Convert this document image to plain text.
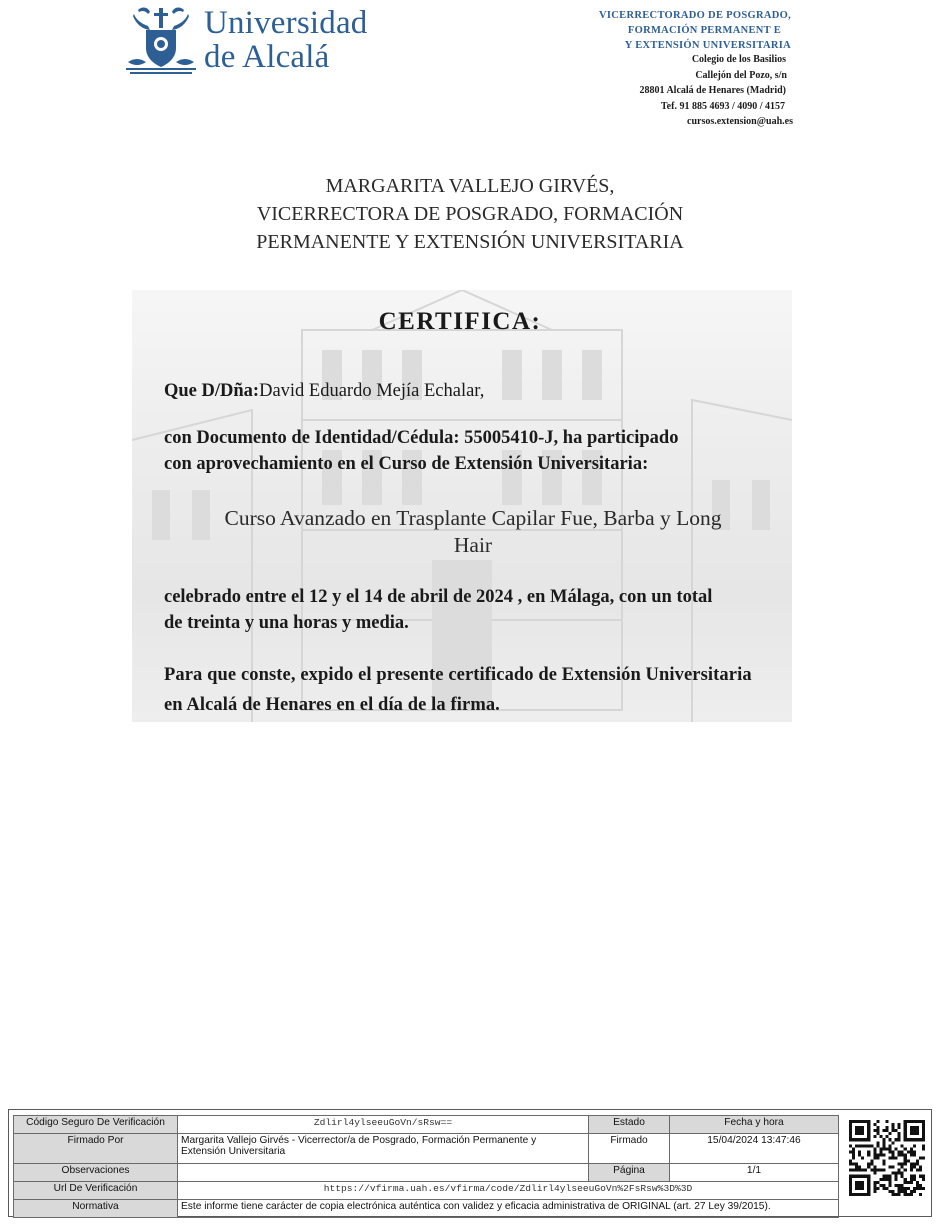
Universidad
de Alcalá
VICERRECTORADO DE POSGRADO,
FORMACIÓN PERMANENT E
Y EXTENSIÓN UNIVERSITARIA
Colegio de los Basilios
Callejón del Pozo, s/n
28801 Alcalá de Henares (Madrid)
Tef. 91 885 4693 / 4090 / 4157
cursos.extension@uah.es
MARGARITA VALLEJO GIRVÉS,
VICERRECTORA DE POSGRADO, FORMACIÓN
PERMANENTE Y EXTENSIÓN UNIVERSITARIA
CERTIFICA:
Que D/Dña:David Eduardo Mejía Echalar,
con Documento de Identidad/Cédula: 55005410-J, ha participado
con aprovechamiento en el Curso de Extensión Universitaria:
Curso Avanzado en Trasplante Capilar Fue, Barba y Long
Hair
celebrado entre el 12 y el 14 de abril de 2024 , en Málaga, con un total
de treinta y una horas y media.
Para que conste, expido el presente certificado de Extensión Universitaria
en Alcalá de Henares en el día de la firma.
Código Seguro De Verificación	Zdlirl4ylseeuGoVn/sRsw==	Estado	Fecha y hora
Firmado Por	Margarita Vallejo Girvés - Vicerrector/a de Posgrado, Formación Permanente y
Extensión Universitaria	Firmado	15/04/2024 13:47:46
Observaciones		Página	1/1
Url De Verificación	https://vfirma.uah.es/vfirma/code/Zdlirl4ylseeuGoVn%2FsRsw%3D%3D		
Normativa	Este informe tiene carácter de copia electrónica auténtica con validez y eficacia administrativa de ORIGINAL (art. 27 Ley 39/2015).		
